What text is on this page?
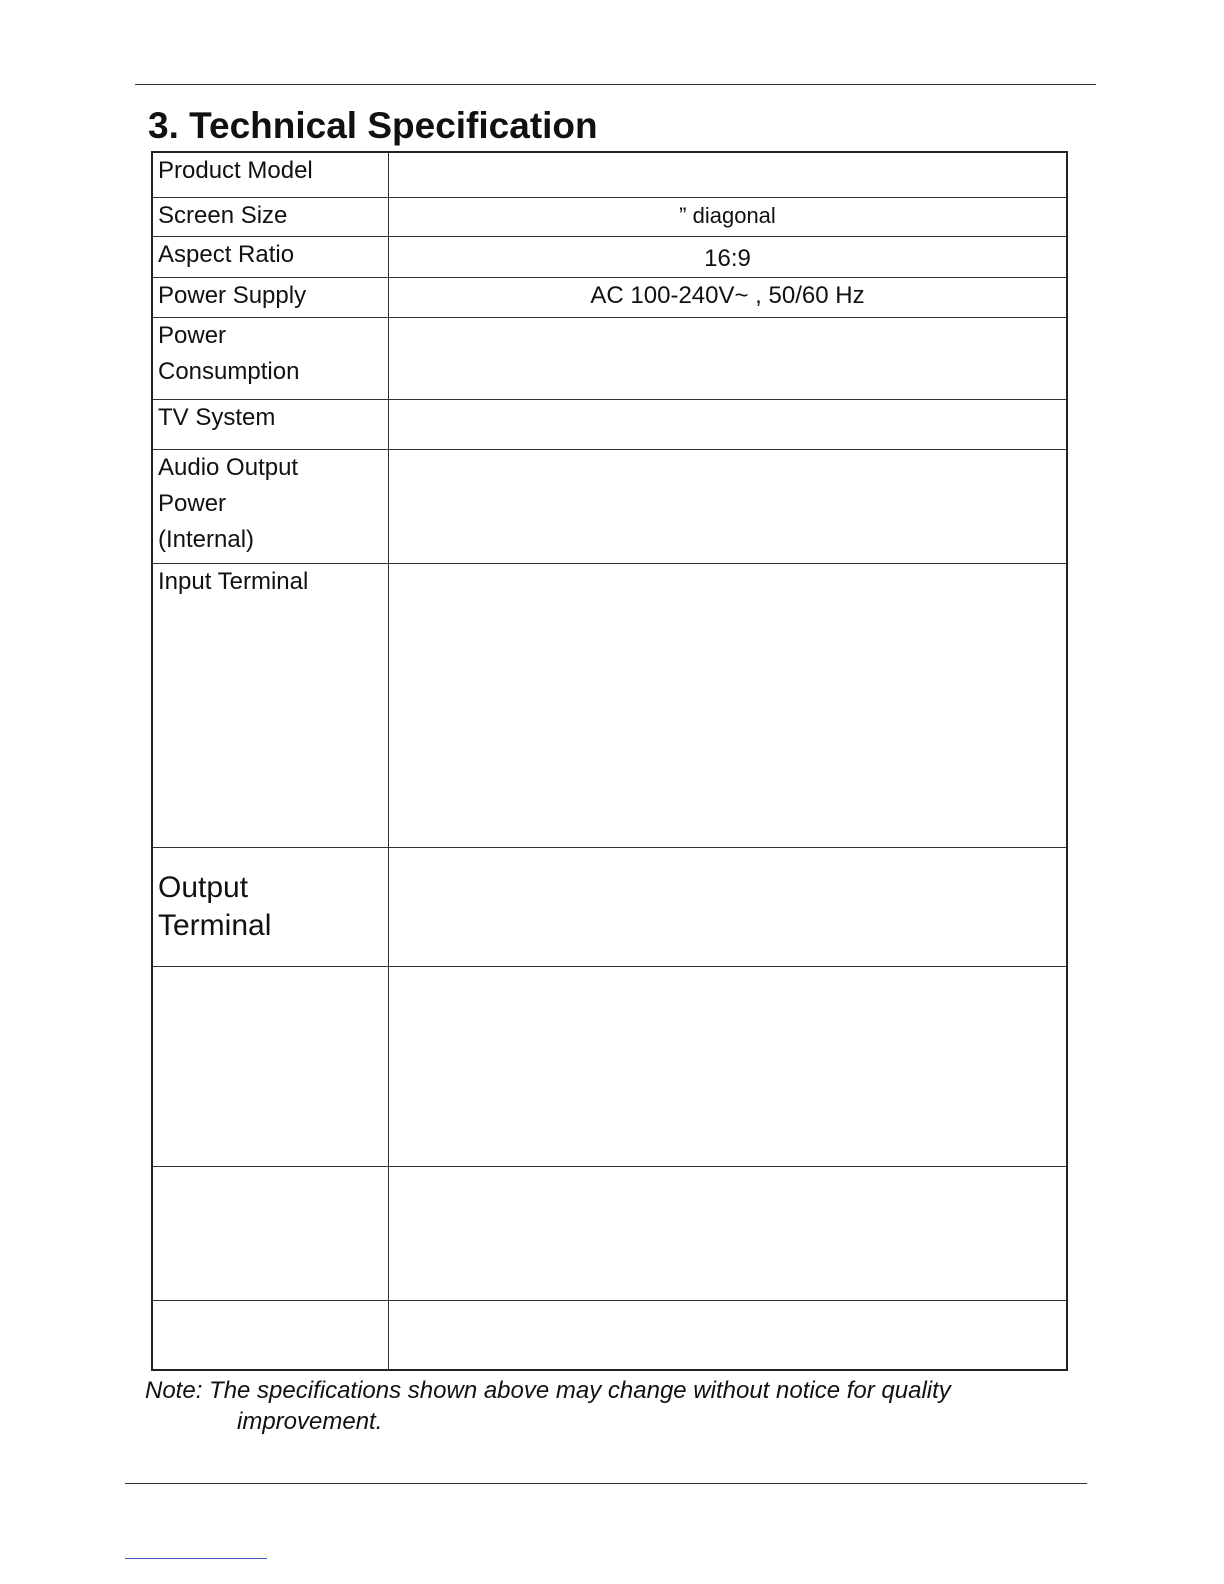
3. Technical Specification
Product Model	

Screen Size	” diagonal

Aspect Ratio	16:9

Power Supply	AC 100-240V~ , 50/60 Hz

Power
Consumption	

TV System	

Audio Output
Power
(Internal)	

Input Terminal	

Output
Terminal	

Note: The specifications shown above may change without notice for quality
improvement.
